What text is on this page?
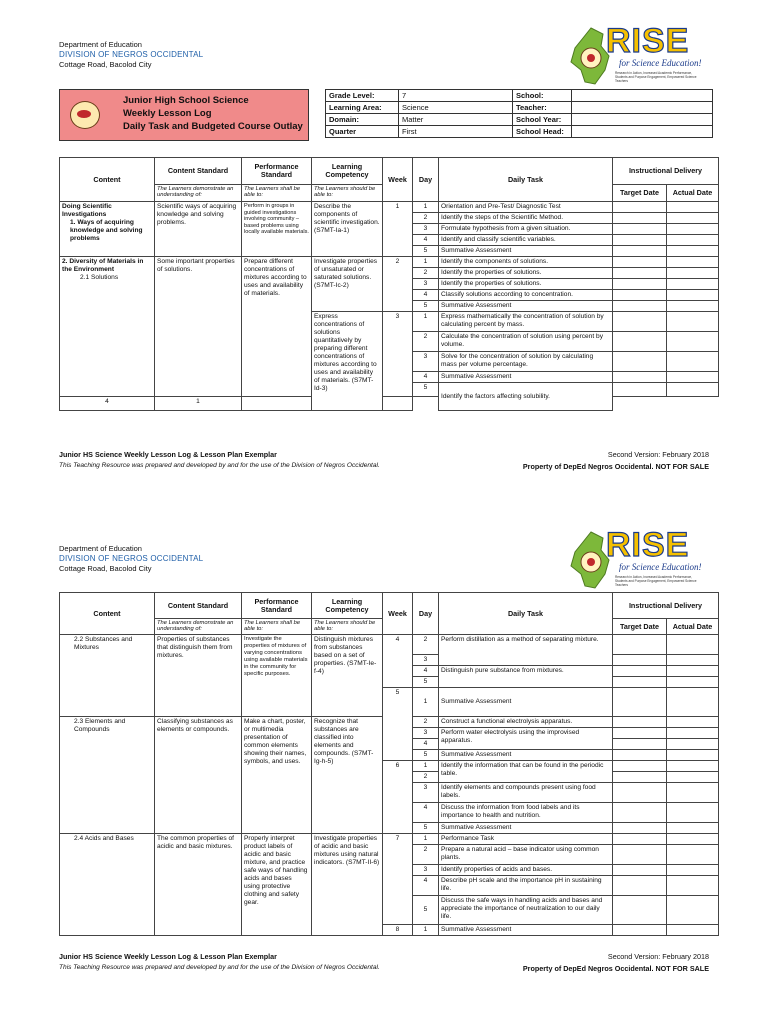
Department of Education
DIVISION OF NEGROS OCCIDENTAL
Cottage Road, Bacolod City
RISE
for Science Education!
Research in Action, Increased Academic Performance, Students and Purpose Engagement, Empowered Science Teachers
Junior High School Science
Weekly Lesson Log
Daily Task and Budgeted Course Outlay
Grade Level:	7	School:	
Learning Area:	Science	Teacher:	
Domain:	Matter	School Year:	
Quarter	First	School Head:	
Content	Content Standard	Performance Standard	Learning Competency	Week	Day	Daily Task	Instructional Delivery	
	The Learners demonstrate an understanding of:	The Learners shall be able to:	The Learners should be able to:				Target Date	Actual Date

Doing Scientific Investigations
1. Ways of acquiring knowledge and solving problems	Scientific ways of acquiring knowledge and solving problems.	Perform in groups in guided investigations involving community – based problems using locally available materials.	Describe the components of scientific investigation. (S7MT-Ia-1)	1	1	Orientation and Pre-Test/ Diagnostic Test		
					2	Identify the steps of the Scientific Method.		
					3	Formulate hypothesis from a given situation.		
					4	Identify and classify scientific variables.		
					5	Summative Assessment		

2. Diversity of Materials in the Environment
2.1 Solutions	Some important properties of solutions.	Prepare different concentrations of mixtures according to uses and availability of materials.	Investigate properties of unsaturated or saturated solutions. (S7MT-Ic-2)	2	1	Identify the components of solutions.		
					2	Identify the properties of solutions.		
					3	Identify the properties of solutions.		
					4	Classify solutions according to concentration.		
					5	Summative Assessment		
			Express concentrations of solutions quantitatively by preparing different concentrations of mixtures according to uses and availability of materials. (S7MT-Id-3)	3	1	Express mathematically the concentration of solution by calculating percent by mass.		
					2	Calculate the concentration of solution using percent by volume.		
					3	Solve for the concentration of solution by calculating mass per volume percentage.		
					4	Summative Assessment		
					5	Identify the factors affecting solubility.		
4	1							
Junior HS Science Weekly Lesson Log & Lesson Plan Exemplar
This Teaching Resource was prepared and developed by and for the use of the Division of Negros Occidental.
Second Version: February 2018
Property of DepEd Negros Occidental. NOT FOR SALE
Department of Education
DIVISION OF NEGROS OCCIDENTAL
Cottage Road, Bacolod City
RISE
for Science Education!
Research in Action, Increased Academic Performance, Students and Purpose Engagement, Empowered Science Teachers
Content	Content Standard	Performance Standard	Learning Competency	Week	Day	Daily Task	Instructional Delivery	
	The Learners demonstrate an understanding of:	The Learners shall be able to:	The Learners should be able to:				Target Date	Actual Date
2.2 Substances and Mixtures	Properties of substances that distinguish them from mixtures.	Investigate the properties of mixtures of varying concentrations using available materials in the community for specific purposes.	Distinguish mixtures from substances based on a set of properties. (S7MT-Ie-f-4)	4	2	Perform distillation as a method of separating mixture.		
					3			
					4	Distinguish pure substance from mixtures.		
					5			
				5	1	Summative Assessment		
2.3 Elements and Compounds	Classifying substances as elements or compounds.	Make a chart, poster, or multimedia presentation of common elements showing their names, symbols, and uses.	Recognize that substances are classified into elements and compounds. (S7MT-Ig-h-5)		2	Construct a functional electrolysis apparatus.		
					3	Perform water electrolysis using the improvised apparatus.		
					4			
					5	Summative Assessment		
				6	1	Identify the information that can be found in the periodic table.		
					2			
					3	Identify elements and compounds present using food labels.		
					4	Discuss the information from food labels and its importance to health and nutrition.		
					5	Summative Assessment		
2.4 Acids and Bases	The common properties of acidic and basic mixtures.	Properly interpret product labels of acidic and basic mixture, and practice safe ways of handling acids and bases using protective clothing and safety gear.	Investigate properties of acidic and basic mixtures using natural indicators. (S7MT-II-6)	7	1	Performance Task		
					2	Prepare a natural acid – base indicator using common plants.		
					3	Identify properties of acids and bases.		
					4	Describe pH scale and the importance pH in sustaining life.		
					5	Discuss the safe ways in handling acids and bases and appreciate the importance of neutralization to our daily life.		
				8	1	Summative Assessment		
Junior HS Science Weekly Lesson Log & Lesson Plan Exemplar
This Teaching Resource was prepared and developed by and for the use of the Division of Negros Occidental.
Second Version: February 2018
Property of DepEd Negros Occidental. NOT FOR SALE
